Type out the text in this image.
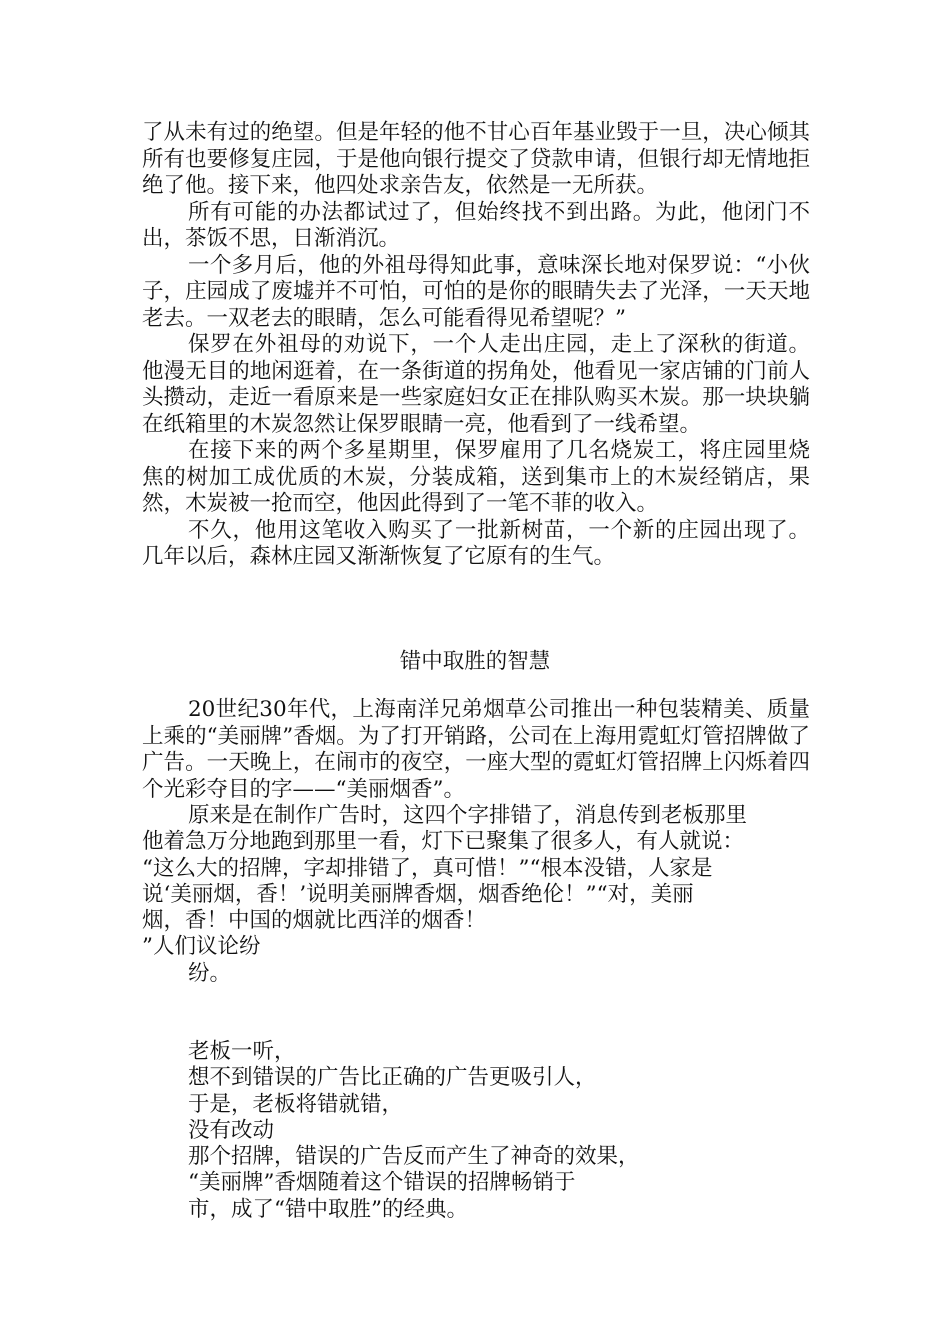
了从未有过的绝望。但是年轻的他不甘心百年基业毁于一旦，决心倾其所有也要修复庄园，于是他向银行提交了贷款申请，但银行却无情地拒绝了他。接下来，他四处求亲告友，依然是一无所获。

所有可能的办法都试过了，但始终找不到出路。为此，他闭门不出，茶饭不思，日渐消沉。

一个多月后，他的外祖母得知此事，意味深长地对保罗说：“小伙子，庄园成了废墟并不可怕，可怕的是你的眼睛失去了光泽，一天天地老去。一双老去的眼睛，怎么可能看得见希望呢？”

保罗在外祖母的劝说下，一个人走出庄园，走上了深秋的街道。他漫无目的地闲逛着，在一条街道的拐角处，他看见一家店铺的门前人头攒动，走近一看原来是一些家庭妇女正在排队购买木炭。那一块块躺在纸箱里的木炭忽然让保罗眼睛一亮，他看到了一线希望。

在接下来的两个多星期里，保罗雇用了几名烧炭工，将庄园里烧焦的树加工成优质的木炭，分装成箱，送到集市上的木炭经销店，果然，木炭被一抢而空，他因此得到了一笔不菲的收入。

不久，他用这笔收入购买了一批新树苗，一个新的庄园出现了。几年以后，森林庄园又渐渐恢复了它原有的生气。

错中取胜的智慧

20世纪30年代，上海南洋兄弟烟草公司推出一种包装精美、质量上乘的“美丽牌”香烟。为了打开销路，公司在上海用霓虹灯管招牌做了广告。一天晚上，在闹市的夜空，一座大型的霓虹灯管招牌上闪烁着四个光彩夺目的字——“美丽烟香”。

原来是在制作广告时，这四个字排错了，消息传到老板那里

他着急万分地跑到那里一看，灯下已聚集了很多人，有人就说：

“这么大的招牌，字却排错了，真可惜！”“根本没错，人家是

说‘美丽烟，香！’说明美丽牌香烟，烟香绝伦！”“对，美丽

烟，香！中国的烟就比西洋的烟香！

”人们议论纷

纷。

老板一听，

想不到错误的广告比正确的广告更吸引人，

于是，老板将错就错，

没有改动

那个招牌，错误的广告反而产生了神奇的效果，

“美丽牌”香烟随着这个错误的招牌畅销于

市，成了“错中取胜”的经典。
